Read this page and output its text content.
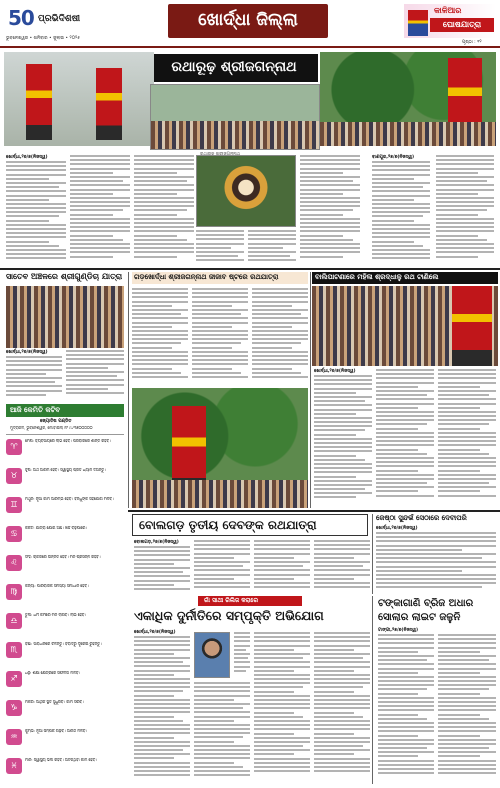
50 ପ୍ରଭିଦିଶଷୀ
ଭୁବନେଶ୍ୱର • ଶନିବାର • ଜୁଲାଇ • ୨୦୨୫
ଖୋର୍ଦ୍ଧା ଜିଲ୍ଲା	କାଳିଆର
ଘୋଷଯାତ୍ରା
ପୃଷ୍ଠା : ୧୨
ରଥାରୂଢ଼ ଶ୍ରୀଜଗନ୍ନାଥ
ଖୋର୍ଦ୍ଧା,୨୭/୭(ନିଜସ୍ୱ)	ବାଣପୁର,୨୭/୭(ନିଜସ୍ୱ)
ସାତେବ ଅଞ୍ଚଳରେ ଶ୍ରୀଗୁଣ୍ଡିଚା ଯାତ୍ରା
ଖୋର୍ଦ୍ଧା,୨୭/୭(ନିଜସ୍ୱ)
ଗଡ଼ଖୋର୍ଦ୍ଧା ଶ୍ରୀଜଗନ୍ନାଥ ଜୀଜାବ ଷ୍ଟରେ ରଥଯାତ୍ରା	ବାଲିପାଟଣାରେ ମହିଳା ଶ୍ରଦ୍ଧାଳୁ ରଥ ଟାଣିଲେ
ଖୋର୍ଦ୍ଧା,୨୭/୭(ନିଜସ୍ୱ)
ଆଜି କେମିତି କଟିବ
ଜ୍ୟୋତିଷ ପଣ୍ଡିତ
ମୁଦ୍ରାକଳ, ଭୁବନେଶ୍ୱର, ମୋବାଇଲ୍ ନଂ ୯୪୩୭୦୦୦୦୦
♈
ମେଷ: ବ୍ୟବସାୟରେ ଲାଭ ହେବ। ପରିବାରରେ ଶାନ୍ତି ରହିବ।
♉
ବୃଷ: ଅର୍ଥ ଆଗମ ହେବ। ସ୍ୱାସ୍ଥ୍ୟ ପ୍ରତି ଧ୍ୟାନ ଦିଅନ୍ତୁ।
♊
ମିଥୁନ: ନୂଆ କାମ ଆରମ୍ଭ ହେବ। ବନ୍ଧୁଙ୍କ ସହଯୋଗ ମିଳିବ।
♋
କର୍କଟ: ଯାତ୍ରା ଯୋଗ ଅଛି। ଖର୍ଚ୍ଚ ବଢ଼ିପାରେ।
♌
ସିଂହ: ଚାକିରିରେ ଉନ୍ନତି ହେବ। ମନ ପ୍ରସନ୍ନ ରହିବ।
♍
କନ୍ୟା: ପାରିବାରିକ ସମସ୍ୟା ସମାଧାନ ହେବ।
♎
ତୁଳା: ଧର୍ମ କର୍ମରେ ମନ ଲାଗିବ। ଲାଭ ହେବ।
♏
ବିଛା: ସାବଧାନରେ ଚଳନ୍ତୁ। ବିବାଦରୁ ଦୂରେଇ ରୁହନ୍ତୁ।
♐
ଧନୁ: ଶିକ୍ଷା କ୍ଷେତ୍ରରେ ସଫଳତା ମିଳିବ।
♑
ମକର: ଆର୍ଥିକ ସ୍ଥିତି ସୁଧୁରିବ। କାମ ସରିବ।
♒
କୁମ୍ଭ: ନୂଆ ସମ୍ପର୍କ ଗଢ଼ିବ। ଆନନ୍ଦ ମିଳିବ।
♓
ମୀନ: ସ୍ୱାସ୍ଥ୍ୟ ଭଲ ରହିବ। ଅଟକିଥିବା କାମ ହେବ।
ବୋଲଗଡ଼ ତୃତୀୟ ଦେବଙ୍କ ରଥଯାତ୍ରା
ବୋଲଗଡ଼,୨୭/୭(ନିଜସ୍ୱ)
ଜେଷ୍ଠା ସୁନ୍ଦର୍ଭ ସେଠାରେ ଦେବୀପରି
ଖୋର୍ଦ୍ଧା,୨୭/୭(ନିଜସ୍ୱ)
ଗାଁ ସାଥୀ ରିଲିଜ କରାରେ
ଏକାଧିକ ଦୁର୍ନୀତିରେ ସମ୍ପୃକ୍ତି ଅଭିଯୋଗ
ଖୋର୍ଦ୍ଧା,୨୭/୭(ନିଜସ୍ୱ)
ଟଙ୍କାଗାଣି ବ୍ରିଜ ଅଧାର
ସୋଲାର ଲାଇଟ ଜଳୁନି
ଟାଙ୍ଗୀ,୨୭/୭(ନିଜସ୍ୱ)
